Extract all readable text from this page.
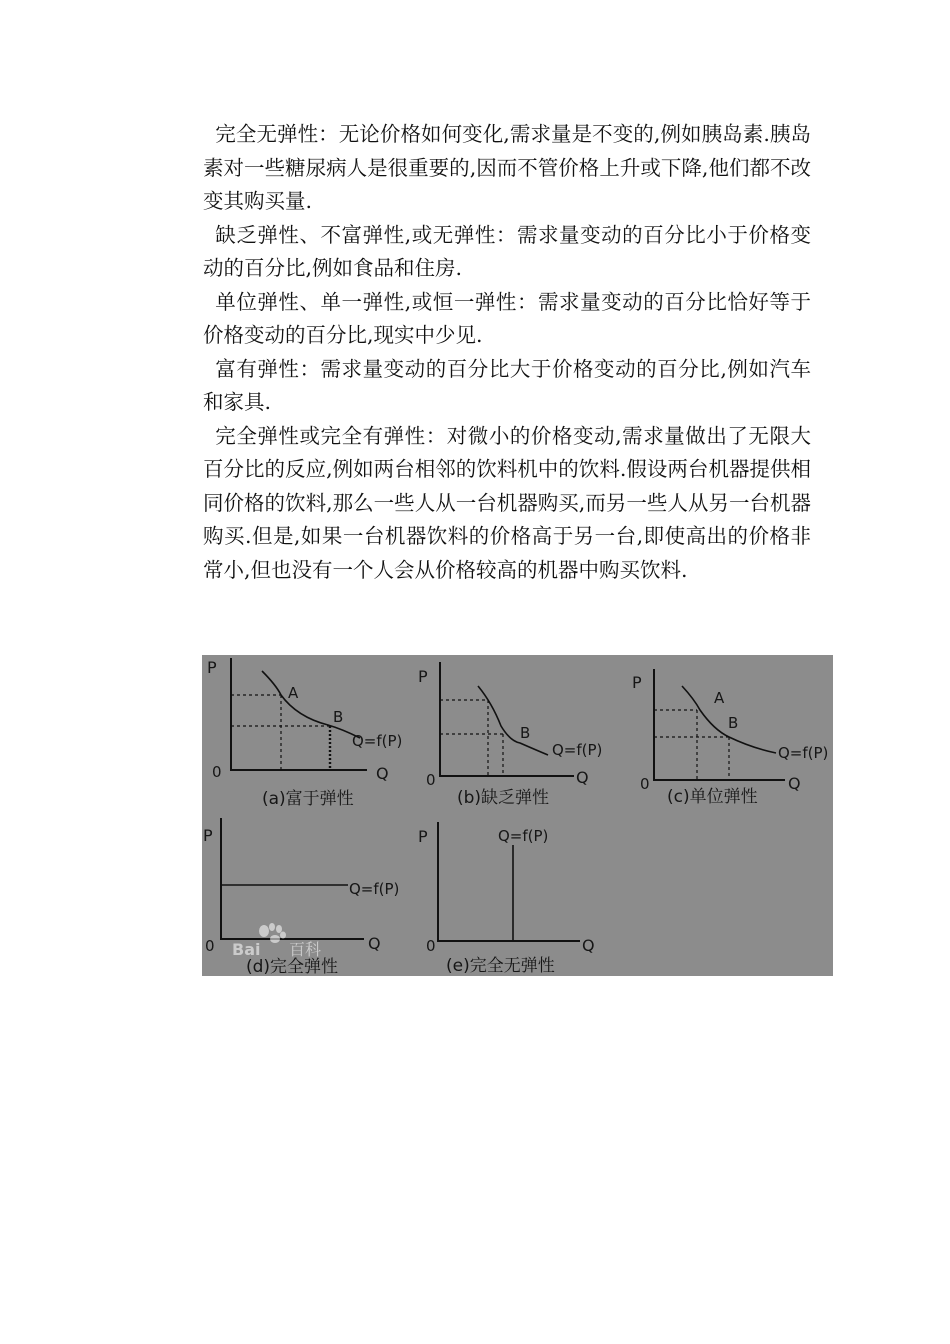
完全无弹性：无论价格如何变化,需求量是不变的,例如胰岛素.胰岛素对一些糖尿病人是很重要的,因而不管价格上升或下降,他们都不改变其购买量.

缺乏弹性、不富弹性,或无弹性：需求量变动的百分比小于价格变动的百分比,例如食品和住房.

单位弹性、单一弹性,或恒一弹性：需求量变动的百分比恰好等于价格变动的百分比,现实中少见.

富有弹性：需求量变动的百分比大于价格变动的百分比,例如汽车和家具.

完全弹性或完全有弹性：对微小的价格变动,需求量做出了无限大百分比的反应,例如两台相邻的饮料机中的饮料.假设两台机器提供相同价格的饮料,那么一些人从一台机器购买,而另一些人从另一台机器购买.但是,如果一台机器饮料的价格高于另一台,即使高出的价格非常小,但也没有一个人会从价格较高的机器中购买饮料.

P
0	Q
A
B
Q=f(P)
(a)富于弹性
P
0	Q
B
Q=f(P)
(b)缺乏弹性
P
0	Q
A
B
Q=f(P)
(c)单位弹性
P
0	Q
Q=f(P)
(d)完全弹性
P
0	Q
Q=f(P)
(e)完全无弹性
Bai 百科
